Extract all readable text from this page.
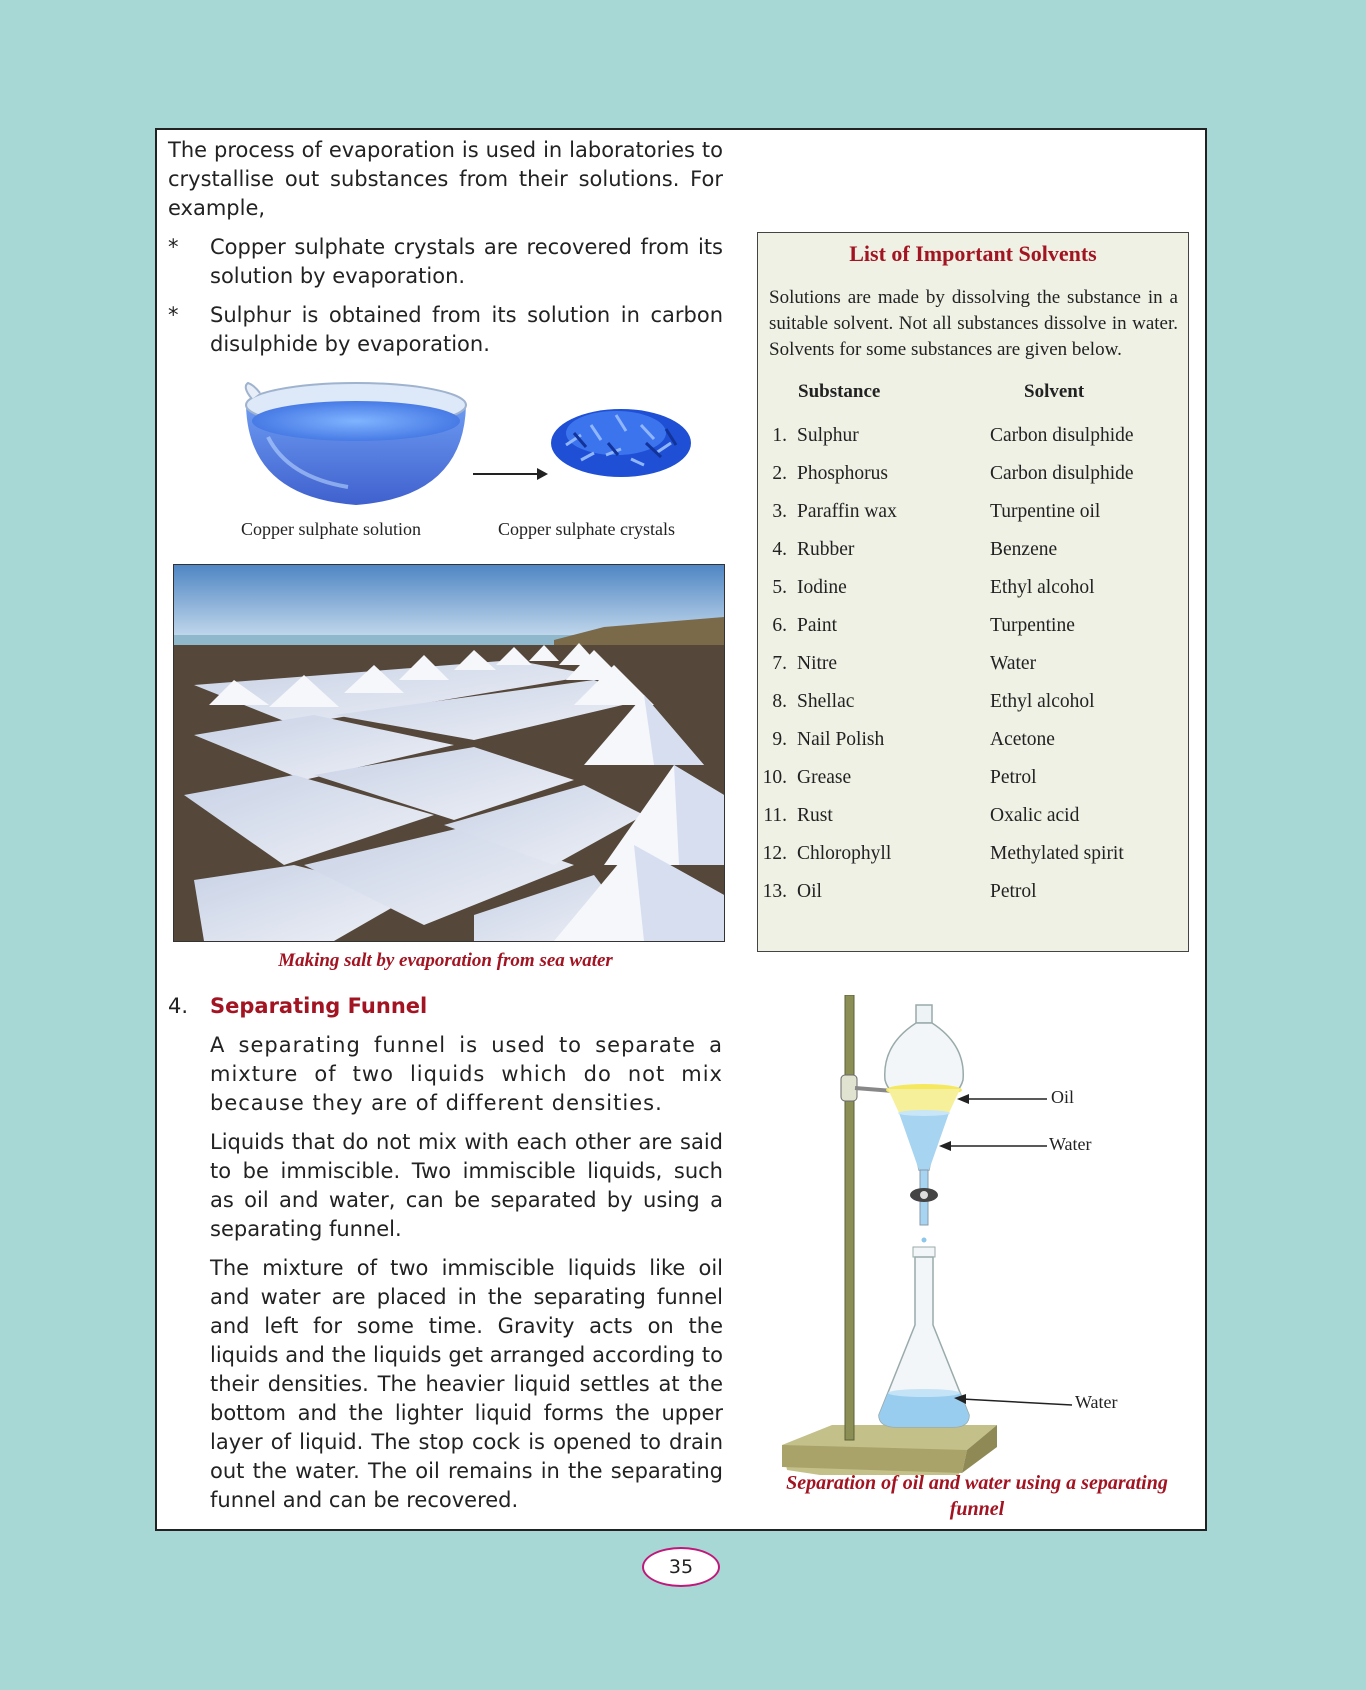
The process of evaporation is used in laboratories to crystallise out substances from their solutions. For example,

* Copper sulphate crystals are recovered from its solution by evaporation.
* Sulphur is obtained from its solution in carbon disulphide by evaporation.
Copper sulphate solution	Copper sulphate crystals
Making salt by evaporation from sea water
4. Separating Funnel

A separating funnel is used to separate a mixture of two liquids which do not mix because they are of different densities.

Liquids that do not mix with each other are said to be immiscible. Two immiscible liquids, such as oil and water, can be separated by using a separating funnel.

The mixture of two immiscible liquids like oil and water are placed in the separating funnel and left for some time. Gravity acts on the liquids and the liquids get arranged according to their densities. The heavier liquid settles at the bottom and the lighter liquid forms the upper layer of liquid. The stop cock is opened to drain out the water. The oil remains in the separating funnel and can be recovered.

List of Important Solvents
Solutions are made by dissolving the substance in a suitable solvent. Not all substances dissolve in water. Solvents for some substances are given below.
Substance	Solvent
1. Sulphur	Carbon disulphide
2. Phosphorus	Carbon disulphide
3. Paraffin wax	Turpentine oil
4. Rubber	Benzene
5. Iodine	Ethyl alcohol
6. Paint	Turpentine
7. Nitre	Water
8. Shellac	Ethyl alcohol
9. Nail Polish	Acetone
10. Grease	Petrol
11. Rust	Oxalic acid
12. Chlorophyll	Methylated spirit
13. Oil	Petrol
Oil
Water
Water
Separation of oil and water using a separating funnel
35
